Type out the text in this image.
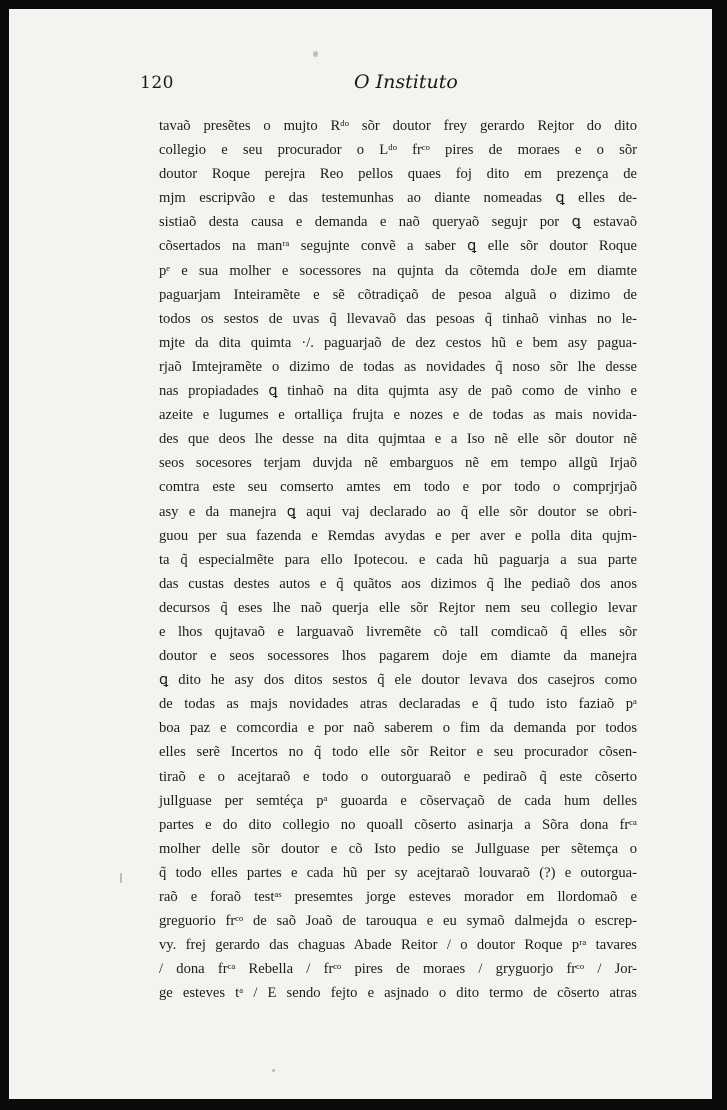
120	O Instituto
tavaõ presẽtes o mujto Rᵈᵒ sõr doutor frey gerardo Rejtor do dito
collegio e seu procurador o Lᵈᵒ frᶜᵒ pires de moraes e o sõr
doutor Roque perejra Reo pellos quaes foj dito em prezença de
mjm escripvão e das testemunhas ao diante nomeadas ꝗ elles de-
sistiaõ desta causa e demanda e naõ queryaõ segujr por ꝗ estavaõ
cõsertados na manʳᵃ segujnte convẽ a saber ꝗ elle sõr doutor Roque
pᵉ e sua molher e socessores na qujnta da cõtemda doJe em diamte
paguarjam Inteiramẽte e sẽ cõtradiçaõ de pesoa alguã o dizimo de
todos os sestos de uvas q̃ llevavaõ das pesoas q̃ tinhaõ vinhas no le-
mjte da dita quimta ·/. paguarjaõ de dez cestos hũ e bem asy pagua-
rjaõ Imtejramẽte o dizimo de todas as novidades q̃ noso sõr lhe desse
nas propiadades ꝗ tinhaõ na dita qujmta asy de paõ como de vinho e
azeite e lugumes e ortalliça frujta e nozes e de todas as mais novida-
des que deos lhe desse na dita qujmtaa e a Iso nẽ elle sõr doutor nẽ
seos socesores terjam duvjda nẽ embarguos nẽ em tempo allgũ Irjaõ
comtra este seu comserto amtes em todo e por todo o comprjrjaõ
asy e da manejra ꝗ aqui vaj declarado ao q̃ elle sõr doutor se obri-
guou per sua fazenda e Remdas avydas e per aver e polla dita qujm-
ta q̃ especialmẽte para ello Ipotecou. e cada hũ paguarja a sua parte
das custas destes autos e q̃ quãtos aos dizimos q̃ lhe pediaõ dos anos
decursos q̃ eses lhe naõ querja elle sõr Rejtor nem seu collegio levar
e lhos qujtavaõ e larguavaõ livremẽte cõ tall comdicaõ q̃ elles sõr
doutor e seos socessores lhos pagarem doje em diamte da manejra
ꝗ dito he asy dos ditos sestos q̃ ele doutor levava dos casejros como
de todas as majs novidades atras declaradas e q̃ tudo isto faziaõ pᵃ
boa paz e comcordia e por naõ saberem o fim da demanda por todos
elles serẽ Incertos no q̃ todo elle sõr Reitor e seu procurador cõsen-
tiraõ e o acejtaraõ e todo o outorguaraõ e pediraõ q̃ este cõserto
jullguase per semtéça pᵃ guoarda e cõservaçaõ de cada hum delles
partes e do dito collegio no quoall cõserto asinarja a Sõra dona frᶜᵃ
molher delle sõr doutor e cõ Isto pedio se Jullguase per sẽtemça o
q̃ todo elles partes e cada hũ per sy acejtaraõ louvaraõ (?) e outorgua-
raõ e foraõ testᵃˢ presemtes jorge esteves morador em llordomaõ e
greguorio frᶜᵒ de saõ Joaõ de tarouqua e eu symaõ dalmejda o escrep-
vy. frej gerardo das chaguas Abade Reitor / o doutor Roque pʳᵃ tavares
/ dona frᶜᵃ Rebella / frᶜᵒ pires de moraes / gryguorjo frᶜᵒ / Jor-
ge esteves tᵃ / E sendo fejto e asjnado o dito termo de cõserto atras
